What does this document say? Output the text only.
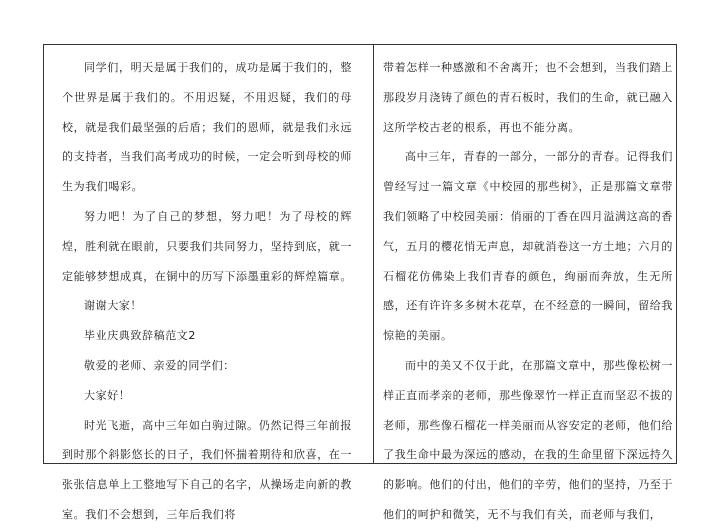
同学们，明天是属于我们的，成功是属于我们的，整个世界是属于我们的。不用迟疑，不用迟疑，我们的母校，就是我们最坚强的后盾；我们的恩师，就是我们永远的支持者，当我们高考成功的时候，一定会听到母校的师生为我们喝彩。

努力吧！为了自己的梦想，努力吧！为了母校的辉煌，胜利就在眼前，只要我们共同努力，坚持到底，就一定能够梦想成真，在铜中的历写下添墨重彩的辉煌篇章。

谢谢大家！

毕业庆典致辞稿范文2

敬爱的老师、亲爱的同学们：

大家好！

时光飞逝，高中三年如白驹过隙。仍然记得三年前报到时那个斜影悠长的日子，我们怀揣着期待和欣喜，在一张张信息单上工整地写下自己的名字，从操场走向新的教室。我们不会想到，三年后我们将

带着怎样一种感激和不舍离开；也不会想到，当我们踏上那段岁月浇铸了颜色的青石板时，我们的生命，就已融入这所学校古老的根系，再也不能分离。

高中三年，青春的一部分，一部分的青春。记得我们曾经写过一篇文章《中校园的那些树》，正是那篇文章带我们领略了中校园美丽：俏丽的丁香在四月溢满这高的香气，五月的樱花悄无声息，却就消卷这一方土地；六月的石榴花仿佛染上我们青春的颜色，绚丽而奔放，生无所感，还有许许多多树木花草，在不经意的一瞬间，留给我惊艳的美丽。

而中的美又不仅于此，在那篇文章中，那些像松树一样正直而孝亲的老师，那些像翠竹一样正直而坚忍不拔的老师，那些像石榴花一样美丽而从容安定的老师，他们给了我生命中最为深远的感动，在我的生命里留下深远持久的影响。他们的付出，他们的辛劳，他们的坚持，乃至于他们的呵护和微笑，无不与我们有关，而老师与我们，
